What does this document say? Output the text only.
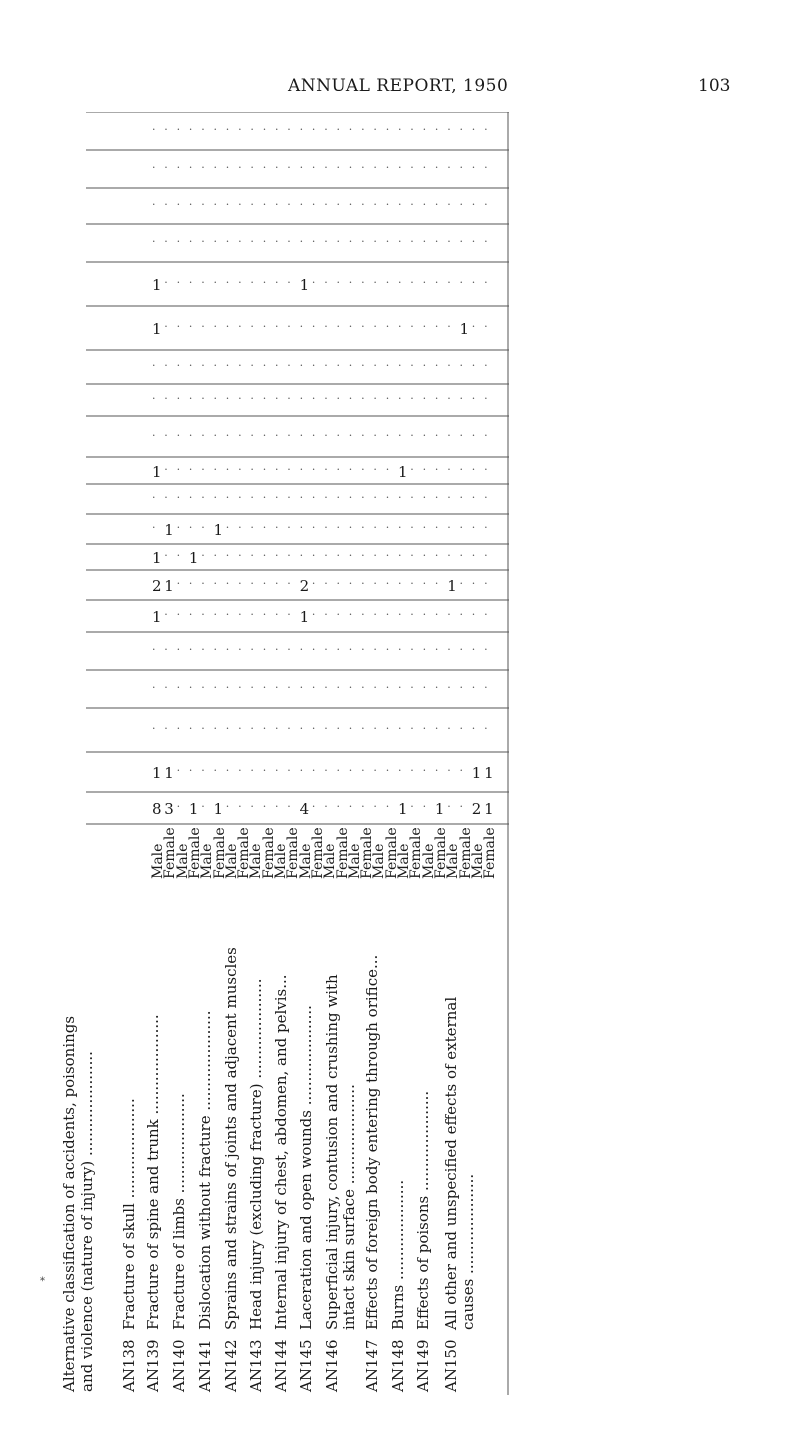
ANNUAL REPORT, 1950	103
· · · · · · · · · · · · · · · · · · · · · · · · · · · ·
· · · · · · · · · · · · · · · · · · · · · · · · · · · ·
· · · · · · · · · · · · · · · · · · · · · · · · · · · ·
· · · · · · · · · · · · · · · · · · · · · · · · · · · ·
1 · · · · · · · · · · · 1 · · · · · · · · · · · · · · ·
1 · · · · · · · · · · · · · · · · · · · · · · · · 1 · ·
· · · · · · · · · · · · · · · · · · · · · · · · · · · ·
· · · · · · · · · · · · · · · · · · · · · · · · · · · ·
· · · · · · · · · · · · · · · · · · · · · · · · · · · ·
1 · · · · · · · · · · · · · · · · · · · 1 · · · · · · ·
· · · · · · · · · · · · · · · · · · · · · · · · · · · ·
· 1 · · · 1 · · · · · · · · · · · · · · · · · · · · · ·
1 · · 1 · · · · · · · · · · · · · · · · · · · · · · · ·
2 1 · · · · · · · · · · 2 · · · · · · · · · · · 1 · · ·
1 · · · · · · · · · · · 1 · · · · · · · · · · · · · · ·
· · · · · · · · · · · · · · · · · · · · · · · · · · · ·
· · · · · · · · · · · · · · · · · · · · · · · · · · · ·
· · · · · · · · · · · · · · · · · · · · · · · · · · · ·
1 1 · · · · · · · · · · · · · · · · · · · · · · · · 1 1
8 3 · 1 · 1 · · · · · · 4 · · · · · · · 1 · · 1 · · 2 1
Male
Female
Male
Female
Male
Female
Male
Female
Male
Female
Male
Female
Male
Female
Male
Female
Male
Female
Male
Female
Male
Female
Male
Female
Male
Female
Male
Female
Alternative classification of accidents, poisonings and violence (nature of injury) ...................... AN138
Fracture of skull .....................
AN139
Fracture of spine and trunk .....................
AN140
Fracture of limbs .....................
AN141
Dislocation without fracture .....................
AN142
Sprains and strains of joints and adjacent muscles
AN143
Head injury (excluding fracture) .....................
AN144
Internal injury of chest, abdomen, and pelvis...
AN145
Laceration and open wounds .....................
AN146
Superficial injury, contusion and crushing with intact skin surface .....................
AN147
Effects of foreign body entering through orifice...
AN148
Burns .....................
AN149
Effects of poisons .....................
AN150
All other and unspecified effects of external causes .....................
*
